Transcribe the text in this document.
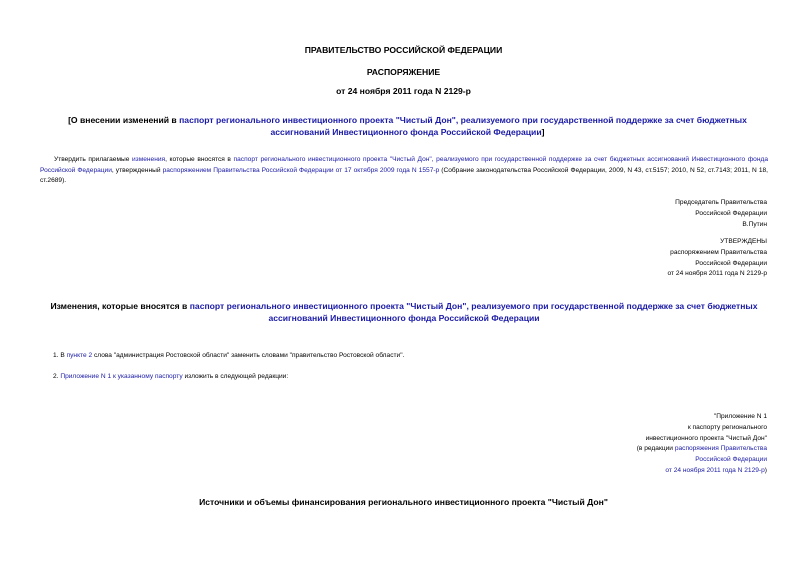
ПРАВИТЕЛЬСТВО РОССИЙСКОЙ ФЕДЕРАЦИИ
РАСПОРЯЖЕНИЕ
от 24 ноября 2011 года N 2129-р
[О внесении изменений в паспорт регионального инвестиционного проекта "Чистый Дон", реализуемого при государственной поддержке за счет бюджетных ассигнований Инвестиционного фонда Российской Федерации]
Утвердить прилагаемые изменения, которые вносятся в паспорт регионального инвестиционного проекта "Чистый Дон", реализуемого при государственной поддержке за счет бюджетных ассигнований Инвестиционного фонда Российской Федерации, утвержденный распоряжением Правительства Российской Федерации от 17 октября 2009 года N 1557-р (Собрание законодательства Российской Федерации, 2009, N 43, ст.5157; 2010, N 52, ст.7143; 2011, N 18, ст.2689).
Председатель Правительства
Российской Федерации
В.Путин
УТВЕРЖДЕНЫ
распоряжением Правительства
Российской Федерации
от 24 ноября 2011 года N 2129-р
Изменения, которые вносятся в паспорт регионального инвестиционного проекта "Чистый Дон", реализуемого при государственной поддержке за счет бюджетных ассигнований Инвестиционного фонда Российской Федерации
1. В пункте 2 слова "администрация Ростовской области" заменить словами "правительство Ростовской области".
2. Приложение N 1 к указанному паспорту изложить в следующей редакции:
"Приложение N 1
к паспорту регионального
инвестиционного проекта "Чистый Дон"
(в редакции распоряжения Правительства
Российской Федерации
от 24 ноября 2011 года N 2129-р)
Источники и объемы финансирования регионального инвестиционного проекта "Чистый Дон"
